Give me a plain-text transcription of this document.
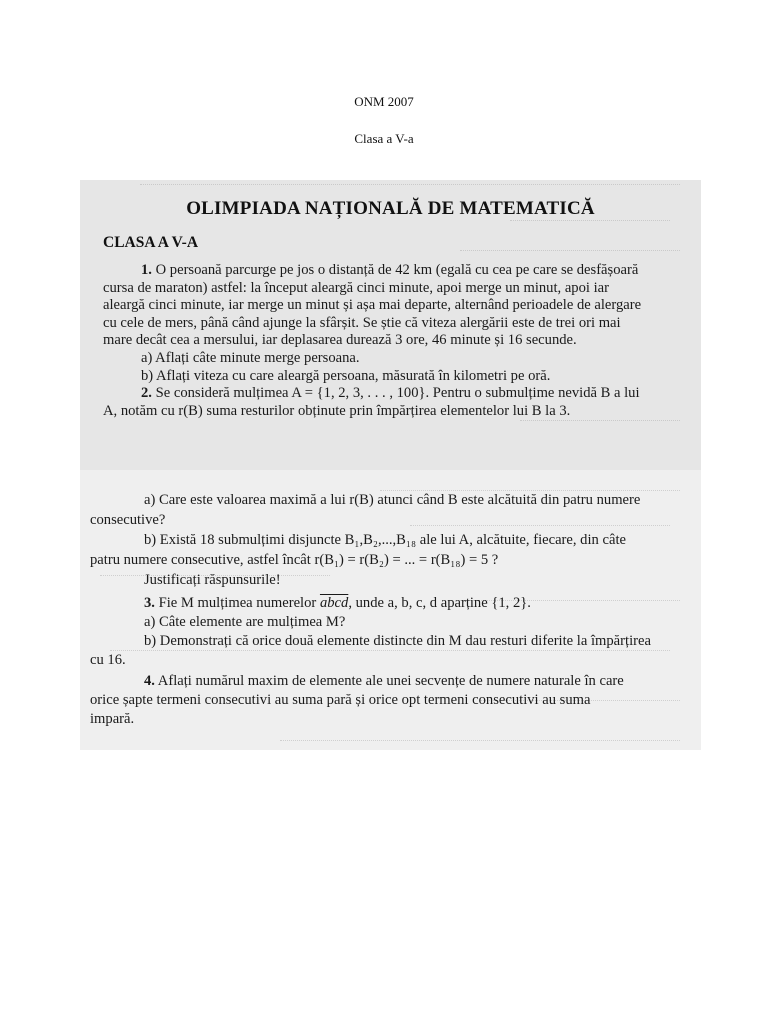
ONM 2007
Clasa a V-a
OLIMPIADA NAȚIONALĂ DE MATEMATICĂ
CLASA A V-A
1. O persoană parcurge pe jos o distanță de 42 km (egală cu cea pe care se desfășoară
cursa de maraton) astfel: la început aleargă cinci minute, apoi merge un minut, apoi iar
aleargă cinci minute, iar merge un minut și așa mai departe, alternând perioadele de alergare
cu cele de mers, până când ajunge la sfârșit. Se știe că viteza alergării este de trei ori mai
mare decât cea a mersului, iar deplasarea durează 3 ore, 46 minute și 16 secunde.
a) Aflați câte minute merge persoana.
b) Aflați viteza cu care aleargă persoana, măsurată în kilometri pe oră.
2. Se consideră mulțimea A = {1, 2, 3, . . . , 100}. Pentru o submulțime nevidă B a lui
A, notăm cu r(B) suma resturilor obținute prin împărțirea elementelor lui B la 3.
a) Care este valoarea maximă a lui r(B) atunci când B este alcătuită din patru numere
consecutive?
b) Există 18 submulțimi disjuncte B₁,B₂,...,B₁₈ ale lui A, alcătuite, fiecare, din câte
patru numere consecutive, astfel încât r(B₁) = r(B₂) = ... = r(B₁₈) = 5 ?
Justificați răspunsurile!
3. Fie M mulțimea numerelor abcd, unde a, b, c, d aparține {1, 2}.
a) Câte elemente are mulțimea M?
b) Demonstrați că orice două elemente distincte din M dau resturi diferite la împărțirea
cu 16.
4. Aflați numărul maxim de elemente ale unei secvențe de numere naturale în care
orice șapte termeni consecutivi au suma pară și orice opt termeni consecutivi au suma
impară.
